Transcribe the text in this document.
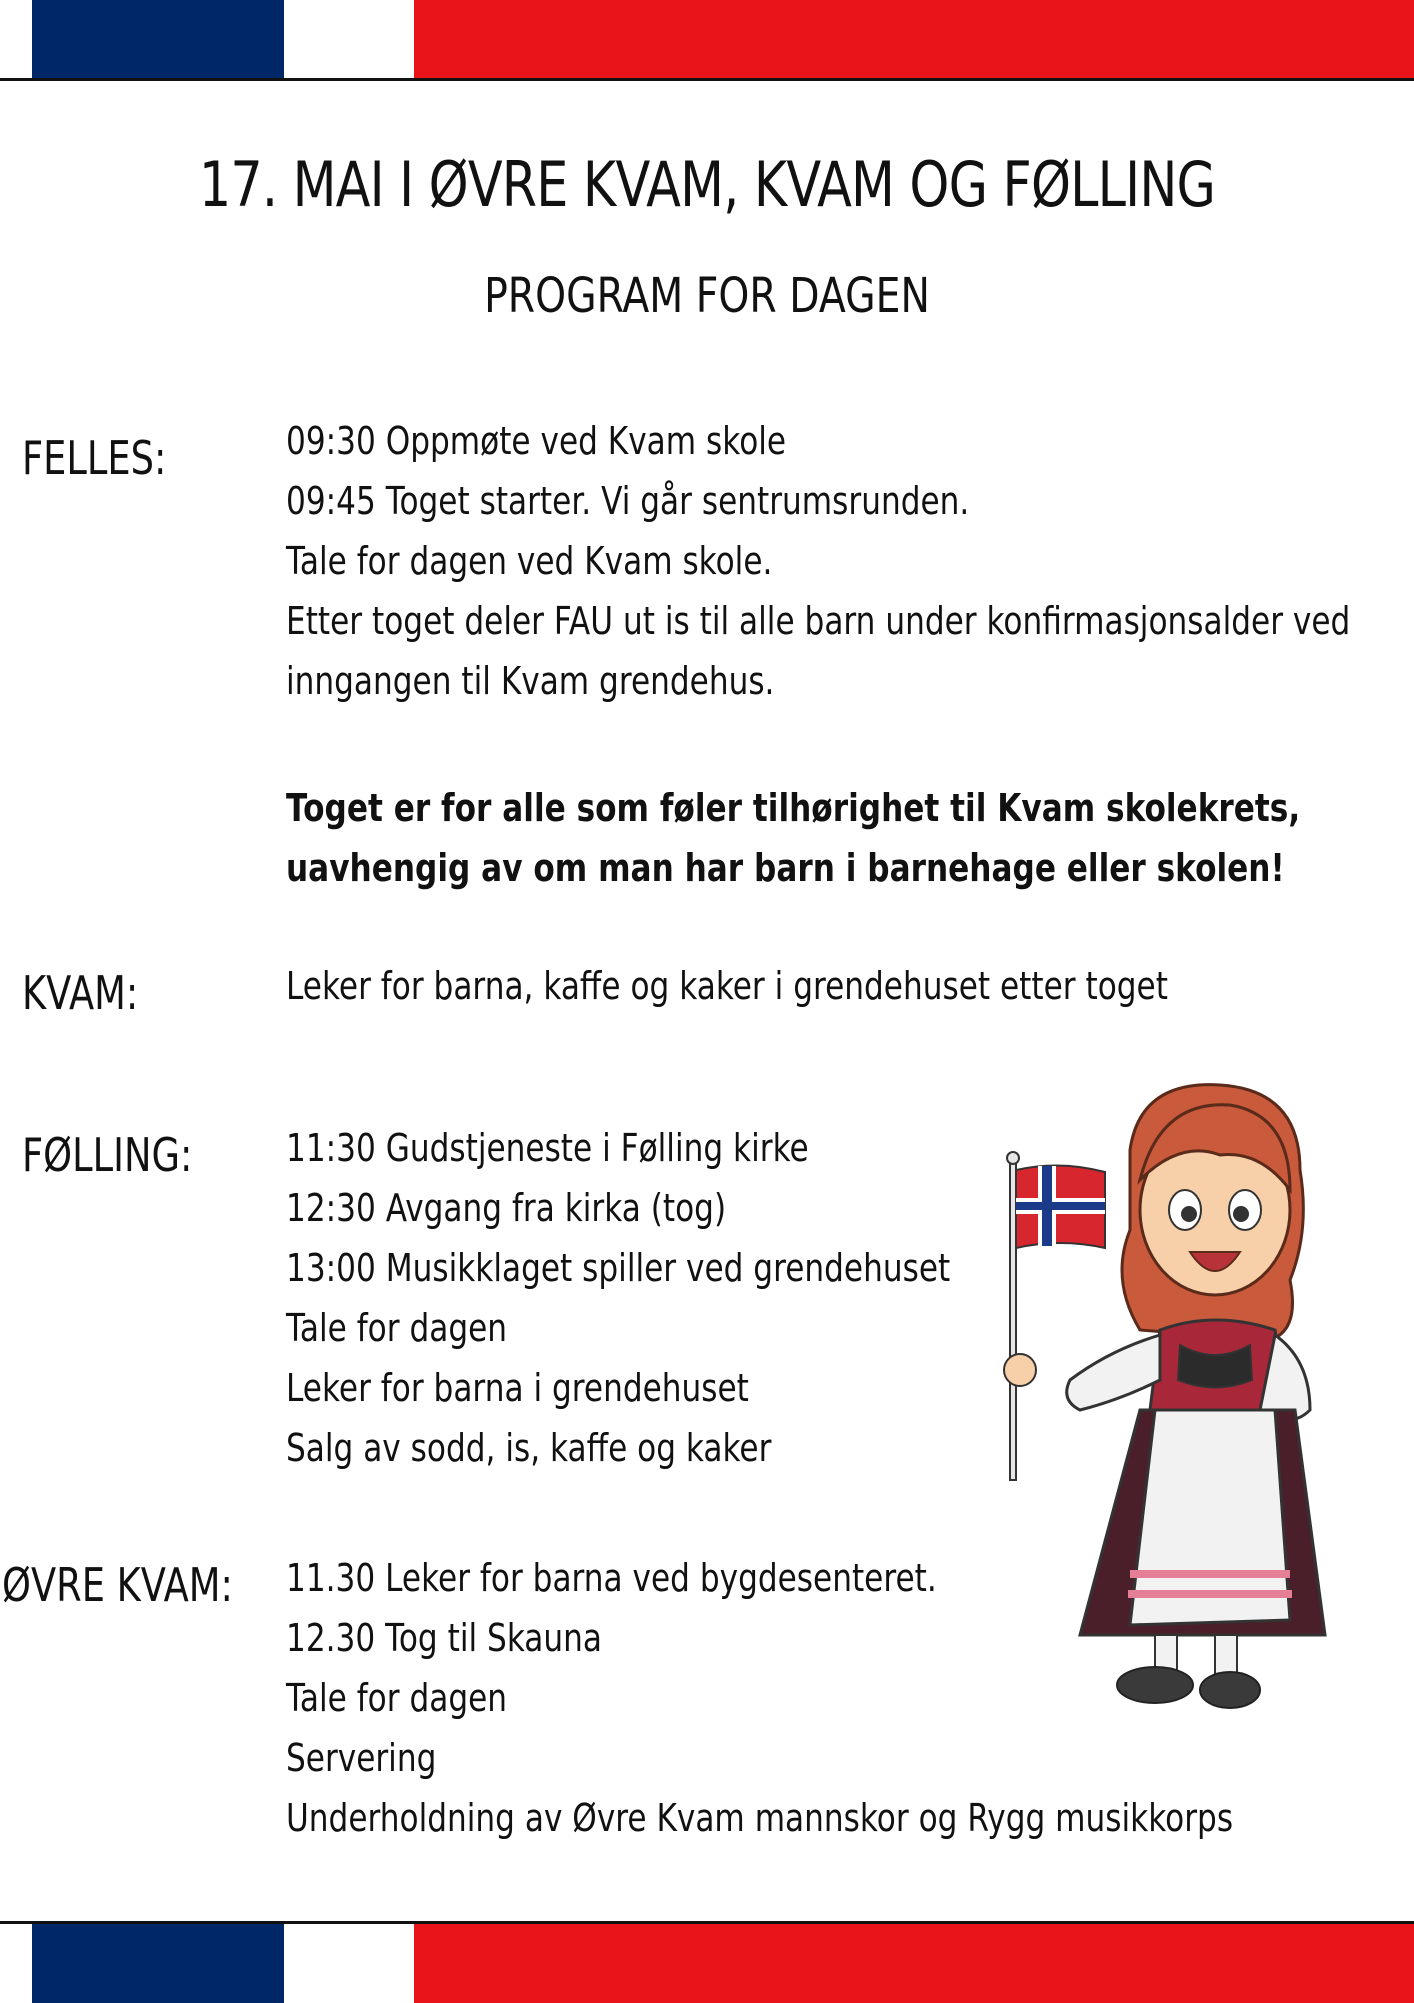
17. MAI I ØVRE KVAM, KVAM OG FØLLING
PROGRAM FOR DAGEN
FELLES:	09:30 Oppmøte ved Kvam skole
09:45 Toget starter. Vi går sentrumsrunden.
Tale for dagen ved Kvam skole.
Etter toget deler FAU ut is til alle barn under konfirmasjonsalder ved
inngangen til Kvam grendehus.
Toget er for alle som føler tilhørighet til Kvam skolekrets,
uavhengig av om man har barn i barnehage eller skolen!
KVAM:	Leker for barna, kaffe og kaker i grendehuset etter toget
FØLLING: 11:30 Gudstjeneste i Følling kirke
12:30 Avgang fra kirka (tog)
13:00 Musikklaget spiller ved grendehuset
Tale for dagen
Leker for barna i grendehuset
Salg av sodd, is, kaffe og kaker
ØVRE KVAM: 11.30 Leker for barna ved bygdesenteret.
12.30 Tog til Skauna
Tale for dagen
Servering
Underholdning av Øvre Kvam mannskor og Rygg musikkorps
